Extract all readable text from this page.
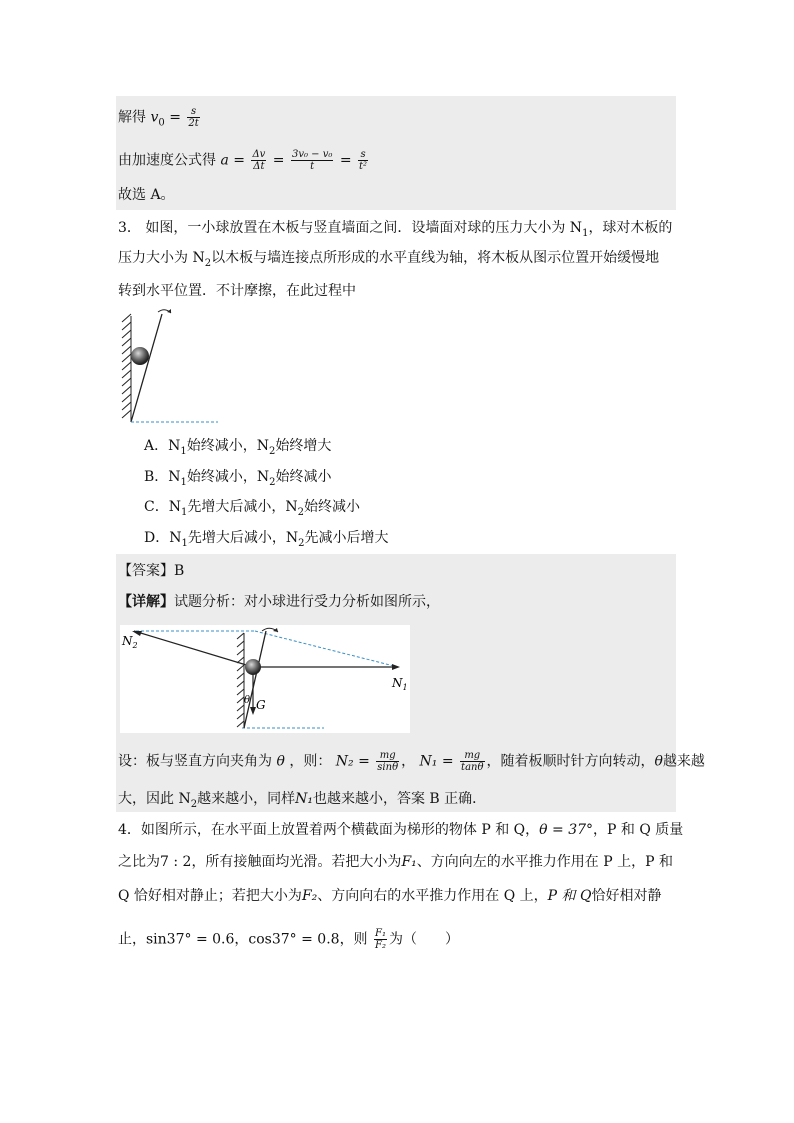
解得 $v_0 = \frac{s}{2t}$
由加速度公式得 $a = \frac{\Delta v}{\Delta t} = \frac{\text{3v₀ − v₀}}{t} = \frac{s}{\text{t²}}$
故选 A。
3． 如图，一小球放置在木板与竖直墙面之间．设墙面对球的压力大小为 $N_1$，球对木板的
压力大小为 $N_2$以木板与墙连接点所形成的水平直线为轴，将木板从图示位置开始缓慢地
转到水平位置．不计摩擦，在此过程中
A．$N_1$始终减小，$N_2$始终增大
B．$N_1$始终减小，$N_2$始终减小
C．$N_1$先增大后减小，$N_2$始终减小
D．$N_1$先增大后减小，$N_2$先减小后增大
【答案】B
【详解】试题分析：对小球进行受力分析如图所示，
$N_2$
$N_1$
G
θ
设：板与竖直方向夹角为 θ ，则： $N_2 = \frac{mg}{\sin\theta}$ ， $N_1 = \frac{mg}{\tan\theta}$ ，随着板顺时针方向转动，θ越来越
大，因此 $N_2$越来越小，同样N₁也越来越小，答案 B 正确．
4．如图所示，在水平面上放置着两个横截面为梯形的物体 P 和 Q，θ = 37°，P 和 Q 质量
之比为7 : 2，所有接触面均光滑。若把大小为F₁、方向向左的水平推力作用在 P 上，P 和
Q 恰好相对静止；若把大小为F₂、方向向右的水平推力作用在 Q 上，P 和 Q恰好相对静
止，sin37° = 0.6，cos37° = 0.8，则 $\frac{\text{F₁}}{\text{F₂}}$ 为（　　）
